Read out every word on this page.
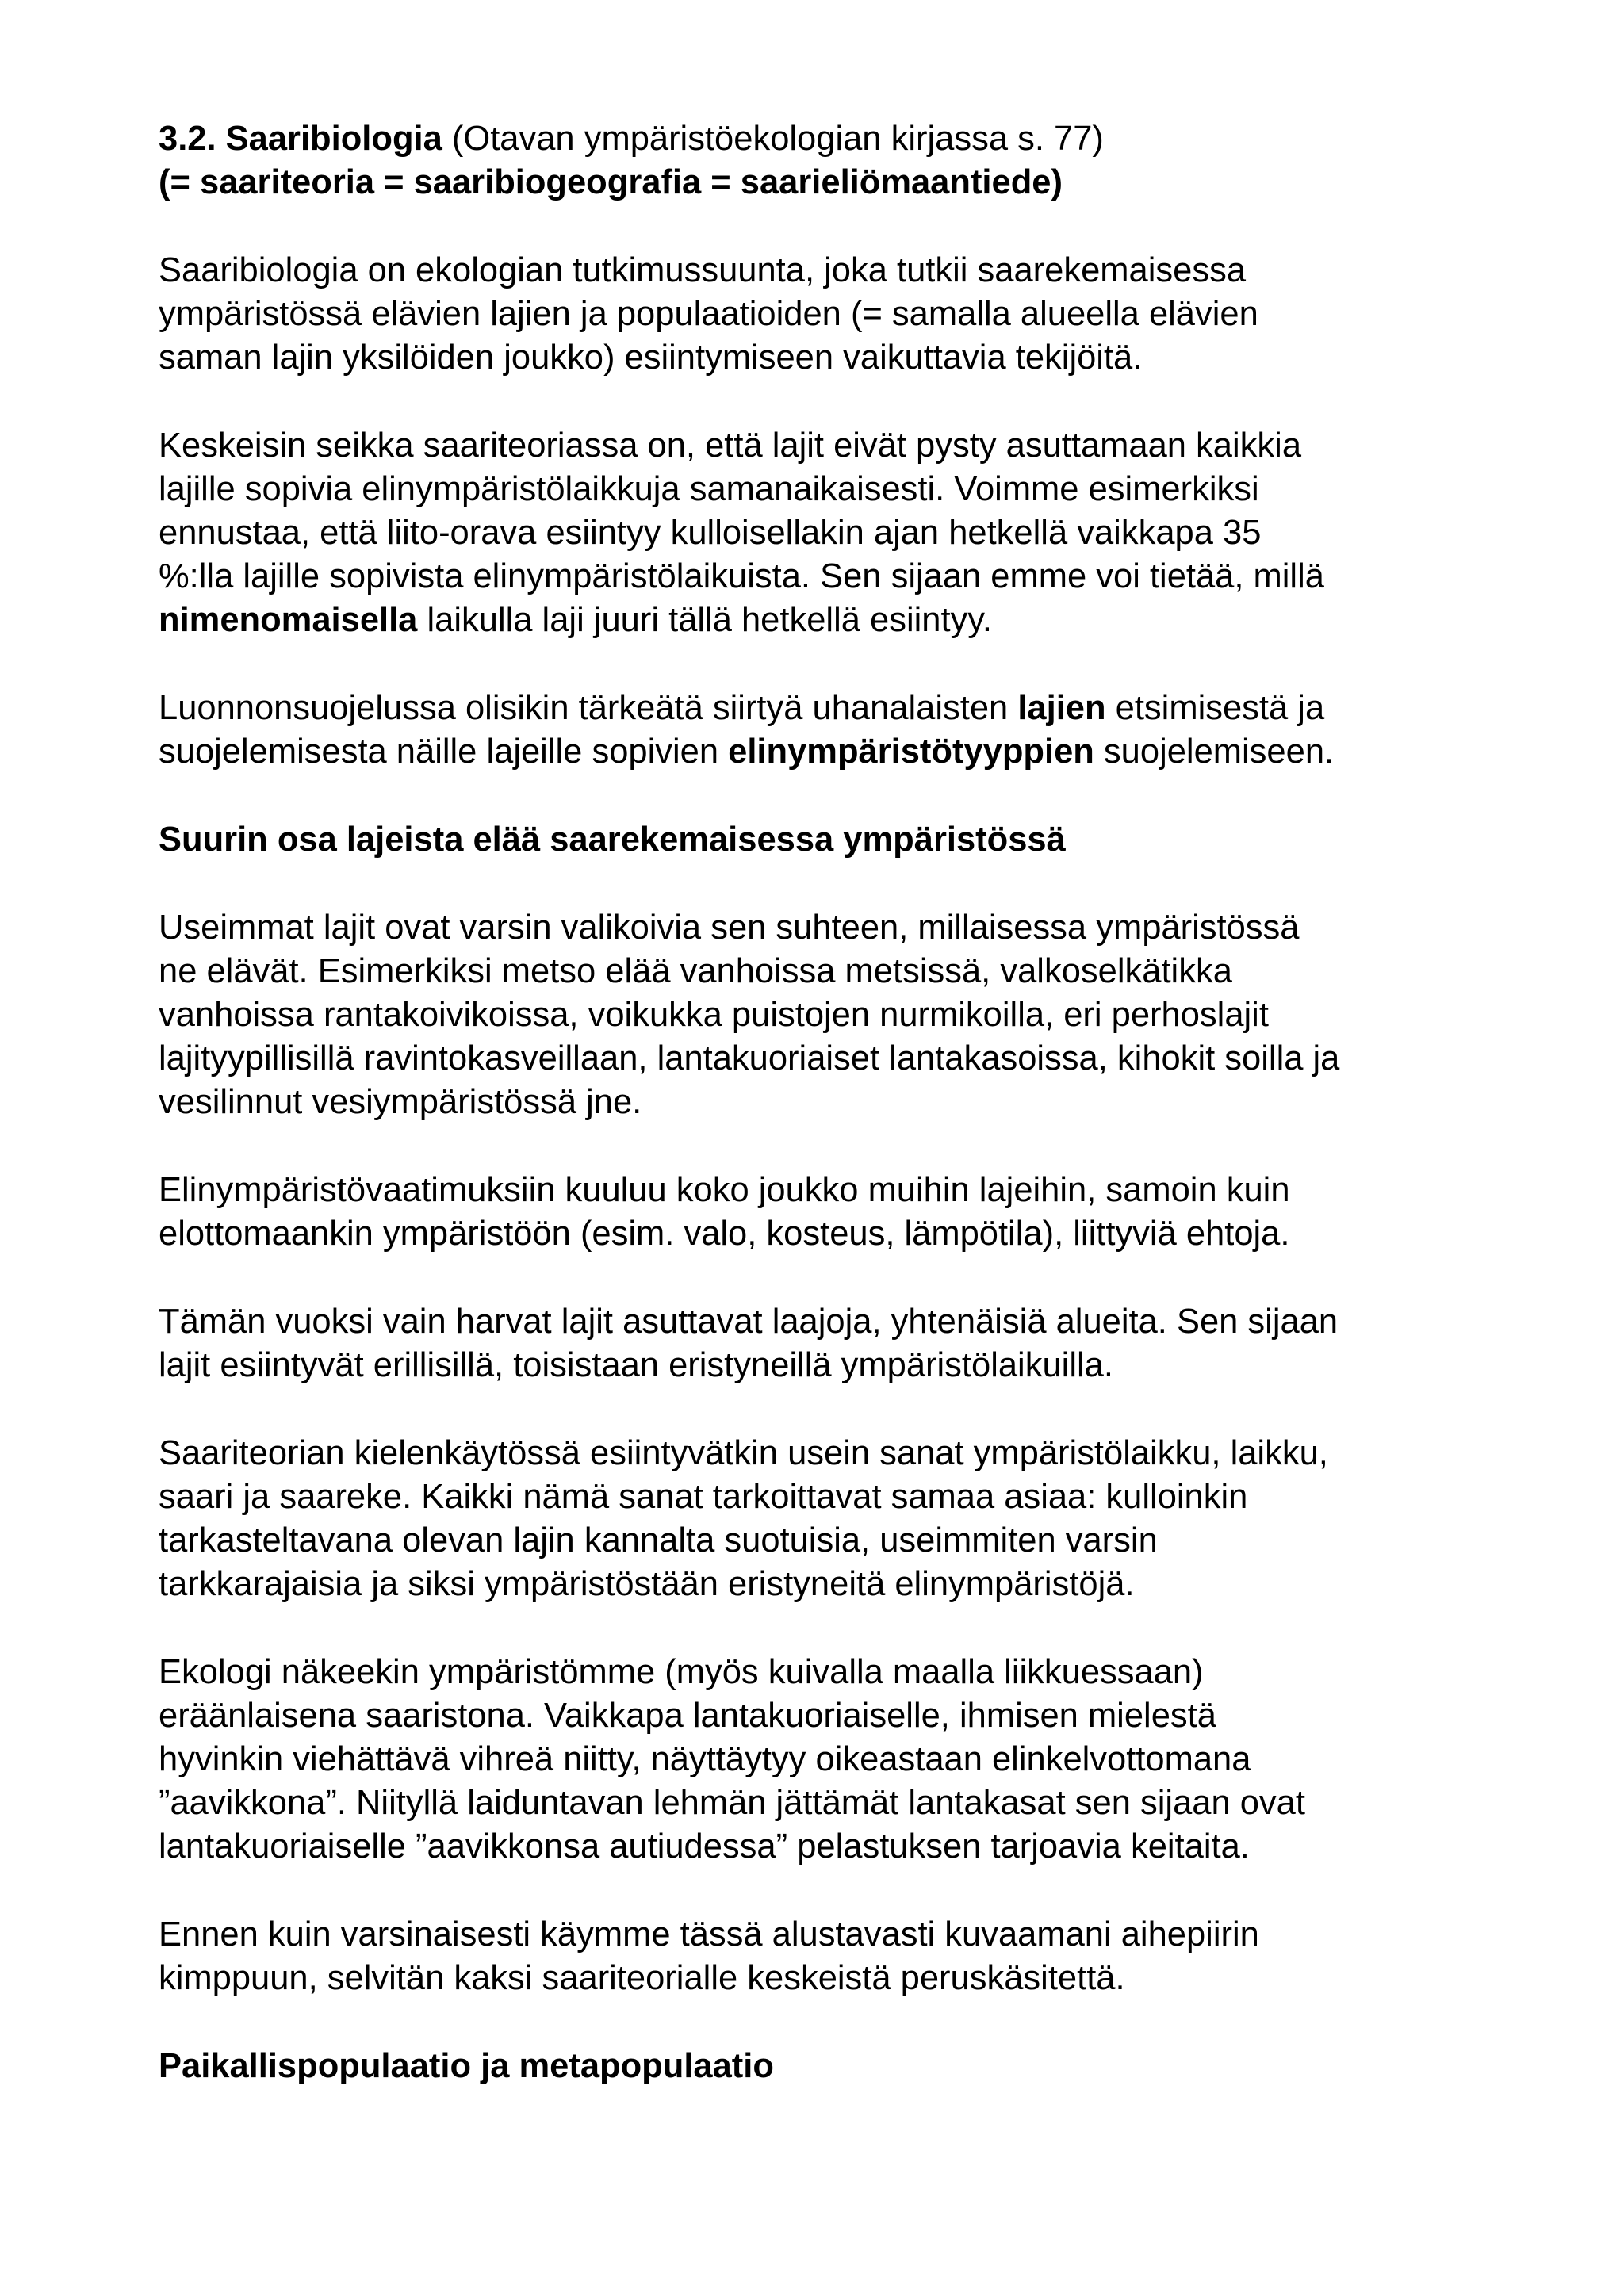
3.2. Saaribiologia (Otavan ympäristöekologian kirjassa s. 77)
(= saariteoria = saaribiogeografia = saarieliömaantiede)

Saaribiologia on ekologian tutkimussuunta, joka tutkii saarekemaisessa
ympäristössä elävien lajien ja populaatioiden (= samalla alueella elävien
saman lajin yksilöiden joukko) esiintymiseen vaikuttavia tekijöitä.

Keskeisin seikka saariteoriassa on, että lajit eivät pysty asuttamaan kaikkia
lajille sopivia elinympäristölaikkuja samanaikaisesti. Voimme esimerkiksi
ennustaa, että liito-orava esiintyy kulloisellakin ajan hetkellä vaikkapa 35
%:lla lajille sopivista elinympäristölaikuista. Sen sijaan emme voi tietää, millä
nimenomaisella laikulla laji juuri tällä hetkellä esiintyy.

Luonnonsuojelussa olisikin tärkeätä siirtyä uhanalaisten lajien etsimisestä ja
suojelemisesta näille lajeille sopivien elinympäristötyyppien suojelemiseen.

Suurin osa lajeista elää saarekemaisessa ympäristössä

Useimmat lajit ovat varsin valikoivia sen suhteen, millaisessa ympäristössä
ne elävät. Esimerkiksi metso elää vanhoissa metsissä, valkoselkätikka
vanhoissa rantakoivikoissa, voikukka puistojen nurmikoilla, eri perhoslajit
lajityypillisillä ravintokasveillaan, lantakuoriaiset lantakasoissa, kihokit soilla ja
vesilinnut vesiympäristössä jne.

Elinympäristövaatimuksiin kuuluu koko joukko muihin lajeihin, samoin kuin
elottomaankin ympäristöön (esim. valo, kosteus, lämpötila), liittyviä ehtoja.

Tämän vuoksi vain harvat lajit asuttavat laajoja, yhtenäisiä alueita. Sen sijaan
lajit esiintyvät erillisillä, toisistaan eristyneillä ympäristölaikuilla.

Saariteorian kielenkäytössä esiintyvätkin usein sanat ympäristölaikku, laikku,
saari ja saareke. Kaikki nämä sanat tarkoittavat samaa asiaa: kulloinkin
tarkasteltavana olevan lajin kannalta suotuisia, useimmiten varsin
tarkkarajaisia ja siksi ympäristöstään eristyneitä elinympäristöjä.

Ekologi näkeekin ympäristömme (myös kuivalla maalla liikkuessaan)
eräänlaisena saaristona. Vaikkapa lantakuoriaiselle, ihmisen mielestä
hyvinkin viehättävä vihreä niitty, näyttäytyy oikeastaan elinkelvottomana
”aavikkona”. Niityllä laiduntavan lehmän jättämät lantakasat sen sijaan ovat
lantakuoriaiselle ”aavikkonsa autiudessa” pelastuksen tarjoavia keitaita.

Ennen kuin varsinaisesti käymme tässä alustavasti kuvaamani aihepiirin
kimppuun, selvitän kaksi saariteorialle keskeistä peruskäsitettä.

Paikallispopulaatio ja metapopulaatio
